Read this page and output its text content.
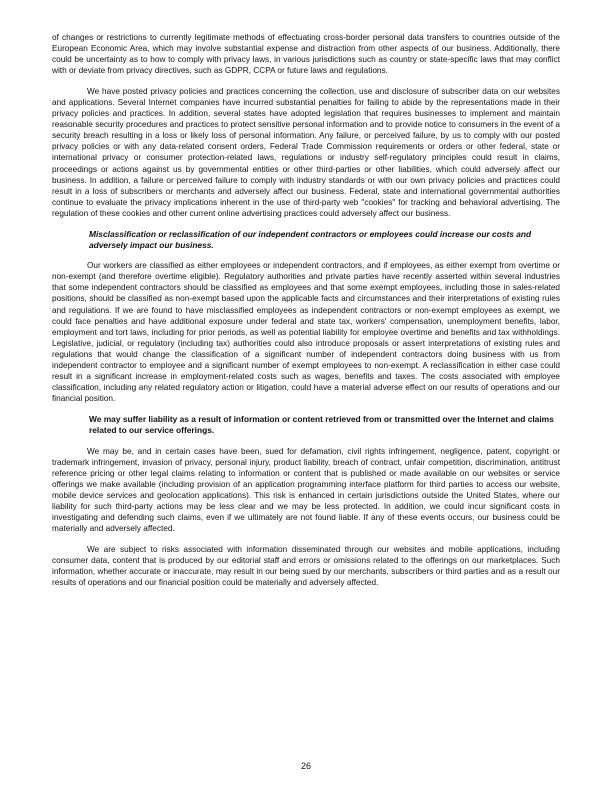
of changes or restrictions to currently legitimate methods of effectuating cross-border personal data transfers to countries outside of the European Economic Area, which may involve substantial expense and distraction from other aspects of our business. Additionally, there could be uncertainty as to how to comply with privacy laws, in various jurisdictions such as country or state-specific laws that may conflict with or deviate from privacy directives, such as GDPR, CCPA or future laws and regulations.

We have posted privacy policies and practices concerning the collection, use and disclosure of subscriber data on our websites and applications. Several Internet companies have incurred substantial penalties for failing to abide by the representations made in their privacy policies and practices. In addition, several states have adopted legislation that requires businesses to implement and maintain reasonable security procedures and practices to protect sensitive personal information and to provide notice to consumers in the event of a security breach resulting in a loss or likely loss of personal information. Any failure, or perceived failure, by us to comply with our posted privacy policies or with any data-related consent orders, Federal Trade Commission requirements or orders or other federal, state or international privacy or consumer protection-related laws, regulations or industry self-regulatory principles could result in claims, proceedings or actions against us by governmental entities or other third-parties or other liabilities, which could adversely affect our business. In addition, a failure or perceived failure to comply with industry standards or with our own privacy policies and practices could result in a loss of subscribers or merchants and adversely affect our business. Federal, state and international governmental authorities continue to evaluate the privacy implications inherent in the use of third-party web "cookies" for tracking and behavioral advertising. The regulation of these cookies and other current online advertising practices could adversely affect our business.

Misclassification or reclassification of our independent contractors or employees could increase our costs and adversely impact our business.

Our workers are classified as either employees or independent contractors, and if employees, as either exempt from overtime or non-exempt (and therefore overtime eligible). Regulatory authorities and private parties have recently asserted within several industries that some independent contractors should be classified as employees and that some exempt employees, including those in sales-related positions, should be classified as non-exempt based upon the applicable facts and circumstances and their interpretations of existing rules and regulations. If we are found to have misclassified employees as independent contractors or non-exempt employees as exempt, we could face penalties and have additional exposure under federal and state tax, workers' compensation, unemployment benefits, labor, employment and tort laws, including for prior periods, as well as potential liability for employee overtime and benefits and tax withholdings. Legislative, judicial, or regulatory (including tax) authorities could also introduce proposals or assert interpretations of existing rules and regulations that would change the classification of a significant number of independent contractors doing business with us from independent contractor to employee and a significant number of exempt employees to non-exempt. A reclassification in either case could result in a significant increase in employment-related costs such as wages, benefits and taxes. The costs associated with employee classification, including any related regulatory action or litigation, could have a material adverse effect on our results of operations and our financial position.

We may suffer liability as a result of information or content retrieved from or transmitted over the Internet and claims related to our service offerings.

We may be, and in certain cases have been, sued for defamation, civil rights infringement, negligence, patent, copyright or trademark infringement, invasion of privacy, personal injury, product liability, breach of contract, unfair competition, discrimination, antitrust reference pricing or other legal claims relating to information or content that is published or made available on our websites or service offerings we make available (including provision of an application programming interface platform for third parties to access our website, mobile device services and geolocation applications). This risk is enhanced in certain jurisdictions outside the United States, where our liability for such third-party actions may be less clear and we may be less protected. In addition, we could incur significant costs in investigating and defending such claims, even if we ultimately are not found liable. If any of these events occurs, our business could be materially and adversely affected.

We are subject to risks associated with information disseminated through our websites and mobile applications, including consumer data, content that is produced by our editorial staff and errors or omissions related to the offerings on our marketplaces. Such information, whether accurate or inaccurate, may result in our being sued by our merchants, subscribers or third parties and as a result our results of operations and our financial position could be materially and adversely affected.

26
